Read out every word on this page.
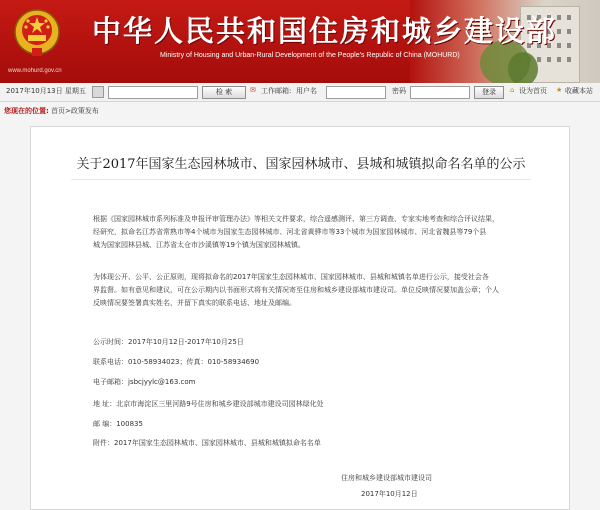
www.mohurd.gov.cn
中华人民共和国住房和城乡建设部
Ministry of Housing and Urban-Rural Development of the People's Republic of China (MOHURD)
2017年10月13日 星期五	检 索	✉ 工作邮箱: 用户名	密码	登录	⌂ 设为首页 ★ 收藏本站
您现在的位置: 首页>政策发布
关于2017年国家生态园林城市、国家园林城市、县城和城镇拟命名名单的公示
根据《国家园林城市系列标准及申报评审管理办法》等相关文件要求，综合遥感测评、第三方调查、专家实地考查和综合评议结果，
经研究，拟命名江苏省常熟市等4个城市为国家生态园林城市、河北省黄骅市等33个城市为国家园林城市、河北省魏县等79个县
城为国家园林县城、江苏省太仓市沙溪镇等19个镇为国家园林城镇。
为体现公开、公平、公正原则，现将拟命名的2017年国家生态园林城市、国家园林城市、县城和城镇名单进行公示，接受社会各
界监督。如有意见和建议，可在公示期内以书面形式将有关情况寄至住房和城乡建设部城市建设司。单位反映情况要加盖公章；个人
反映情况要签署真实姓名，并留下真实的联系电话、地址及邮编。
公示时间：2017年10月12日-2017年10月25日
联系电话：010-58934023；传真：010-58934690
电子邮箱：jsbcjyylc@163.com
地 址：北京市海淀区三里河路9号住房和城乡建设部城市建设司园林绿化处
邮 编：100835
附件：2017年国家生态园林城市、国家园林城市、县城和城镇拟命名名单
住房和城乡建设部城市建设司
2017年10月12日
